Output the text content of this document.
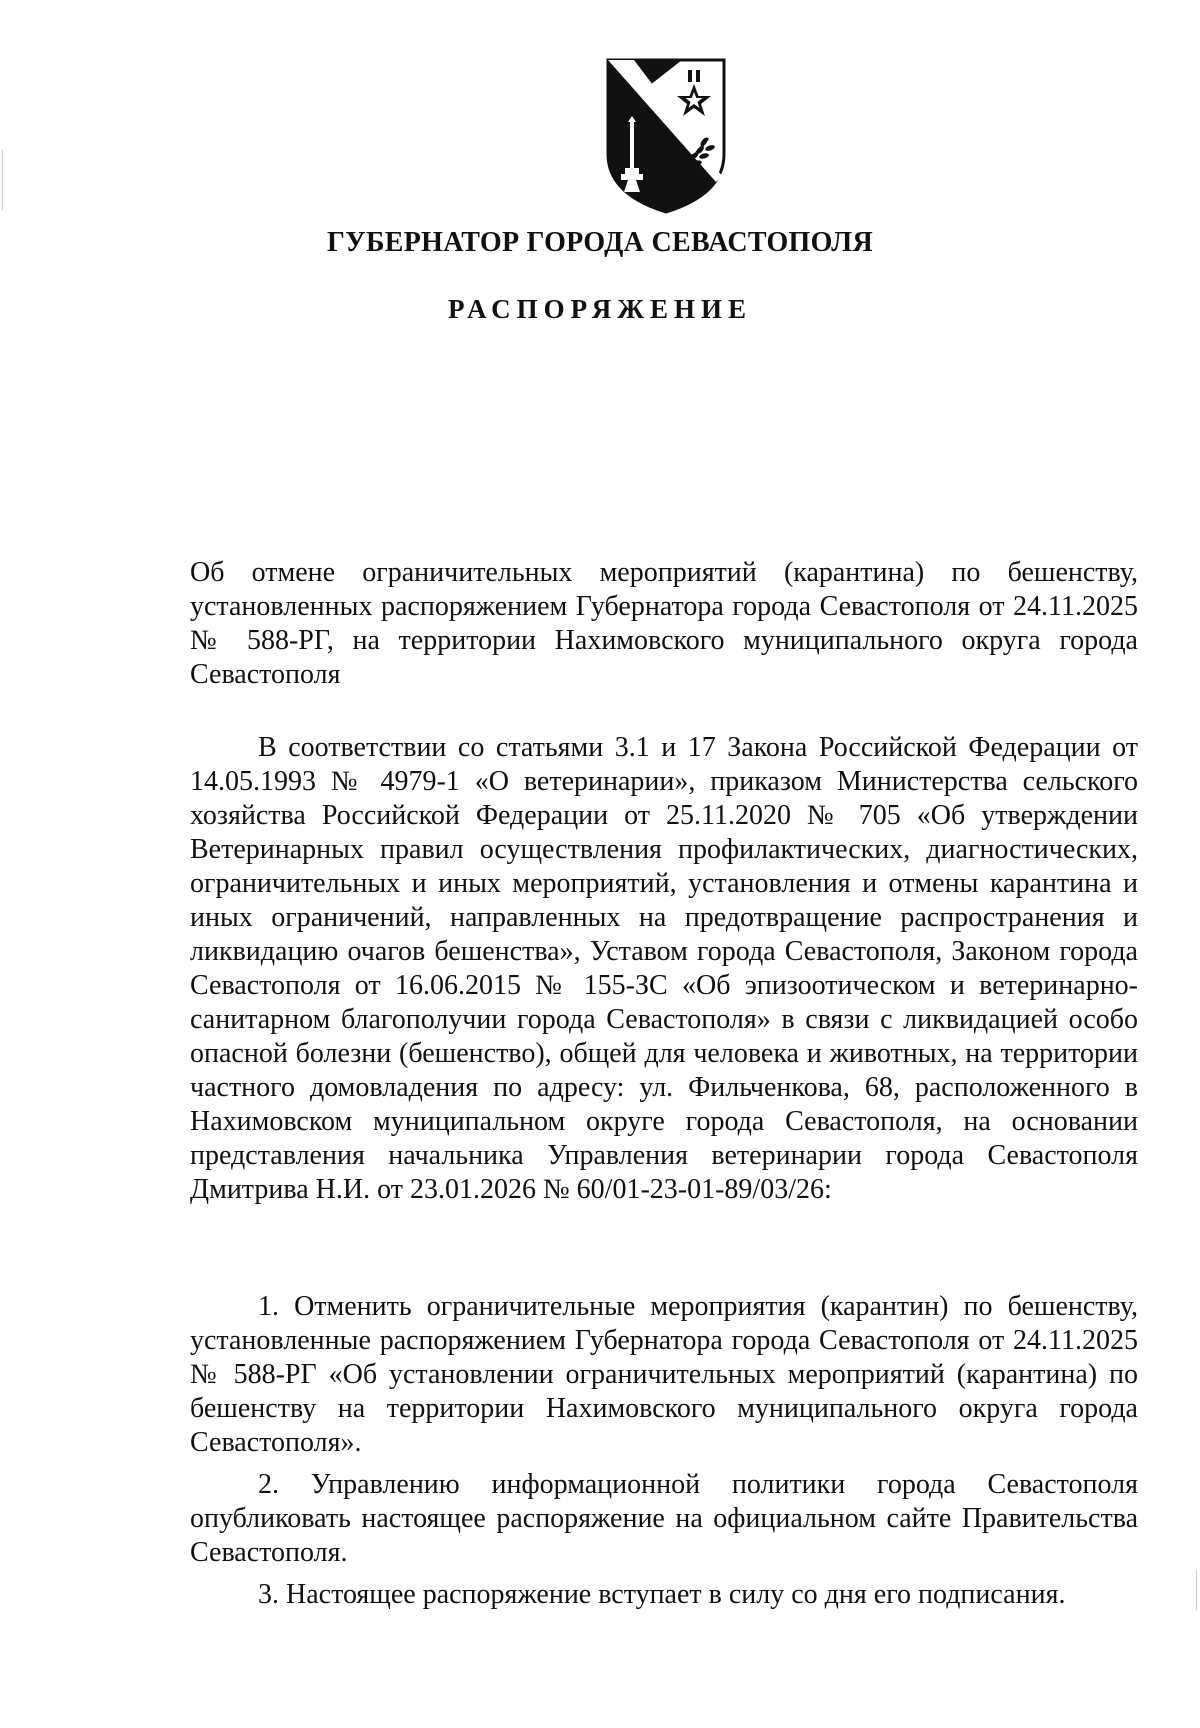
ГУБЕРНАТОР ГОРОДА СЕВАСТОПОЛЯ
РАСПОРЯЖЕНИЕ
Об отмене ограничительных мероприятий (карантина) по бешенству, установленных распоряжением Губернатора города Севастополя от 24.11.2025 № 588-РГ, на территории Нахимовского муниципального округа города Севастополя
В соответствии со статьями 3.1 и 17 Закона Российской Федерации от 14.05.1993 № 4979-1 «О ветеринарии», приказом Министерства сельского хозяйства Российской Федерации от 25.11.2020 № 705 «Об утверждении Ветеринарных правил осуществления профилактических, диагностических, ограничительных и иных мероприятий, установления и отмены карантина и иных ограничений, направленных на предотвращение распространения и ликвидацию очагов бешенства», Уставом города Севастополя, Законом города Севастополя от 16.06.2015 № 155-ЗС «Об эпизоотическом и ветеринарно-санитарном благополучии города Севастополя» в связи с ликвидацией особо опасной болезни (бешенство), общей для человека и животных, на территории частного домовладения по адресу: ул. Фильченкова, 68, расположенного в Нахимовском муниципальном округе города Севастополя, на основании представления начальника Управления ветеринарии города Севастополя Дмитрива Н.И. от 23.01.2026 № 60/01-23-01-89/03/26:

1. Отменить ограничительные мероприятия (карантин) по бешенству, установленные распоряжением Губернатора города Севастополя от 24.11.2025 № 588-РГ «Об установлении ограничительных мероприятий (карантина) по бешенству на территории Нахимовского муниципального округа города Севастополя».

2. Управлению информационной политики города Севастополя опубликовать настоящее распоряжение на официальном сайте Правительства Севастополя.

3. Настоящее распоряжение вступает в силу со дня его подписания.
